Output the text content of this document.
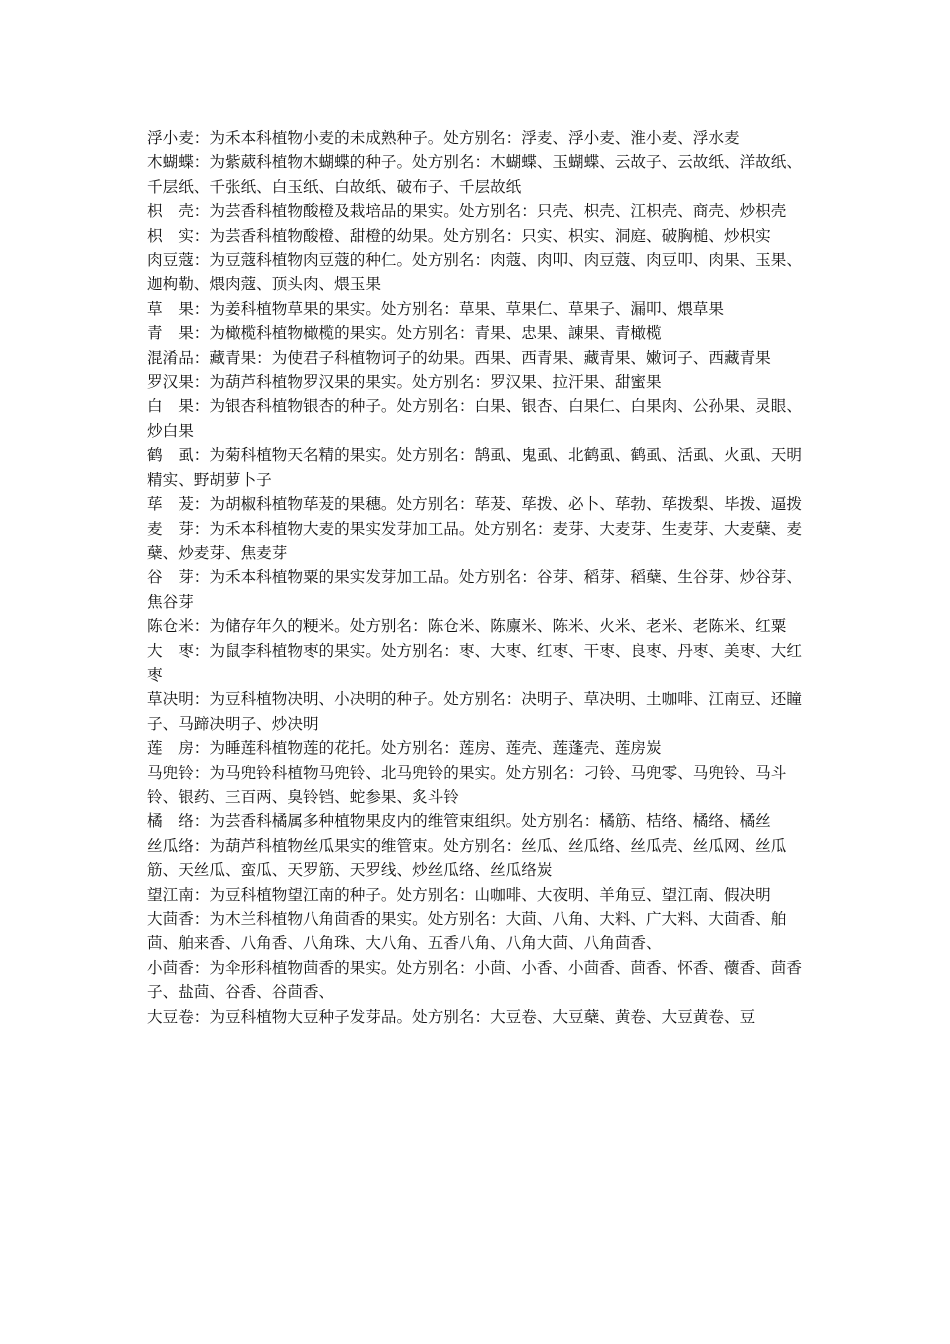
浮小麦：为禾本科植物小麦的未成熟种子。处方别名：浮麦、浮小麦、淮小麦、浮水麦

木蝴蝶：为紫葳科植物木蝴蝶的种子。处方别名：木蝴蝶、玉蝴蝶、云故子、云故纸、洋故纸、千层纸、千张纸、白玉纸、白故纸、破布子、千层故纸

枳　壳：为芸香科植物酸橙及栽培品的果实。处方别名：只壳、枳壳、江枳壳、商壳、炒枳壳

枳　实：为芸香科植物酸橙、甜橙的幼果。处方别名：只实、枳实、洞庭、破胸槌、炒枳实

肉豆蔻：为豆蔻科植物肉豆蔻的种仁。处方别名：肉蔻、肉叩、肉豆蔻、肉豆叩、肉果、玉果、迦枸勒、煨肉蔻、顶头肉、煨玉果

草　果：为姜科植物草果的果实。处方别名：草果、草果仁、草果子、漏叩、煨草果

青　果：为橄榄科植物橄榄的果实。处方别名：青果、忠果、諌果、青橄榄

混淆品：藏青果：为使君子科植物诃子的幼果。西果、西青果、藏青果、嫩诃子、西藏青果

罗汉果：为葫芦科植物罗汉果的果实。处方别名：罗汉果、拉汗果、甜蜜果

白　果：为银杏科植物银杏的种子。处方别名：白果、银杏、白果仁、白果肉、公孙果、灵眼、炒白果

鹤　虱：为菊科植物天名精的果实。处方别名：鹄虱、鬼虱、北鹤虱、鹤虱、活虱、火虱、天明精实、野胡萝卜子

荜　茇：为胡椒科植物荜茇的果穗。处方别名：荜茇、荜拨、必卜、荜勃、荜拨梨、毕拨、逼拨

麦　芽：为禾本科植物大麦的果实发芽加工品。处方别名：麦芽、大麦芽、生麦芽、大麦蘖、麦蘖、炒麦芽、焦麦芽

谷　芽：为禾本科植物粟的果实发芽加工品。处方别名：谷芽、稻芽、稻蘖、生谷芽、炒谷芽、焦谷芽

陈仓米：为储存年久的粳米。处方别名：陈仓米、陈廪米、陈米、火米、老米、老陈米、红粟

大　枣：为鼠李科植物枣的果实。处方别名：枣、大枣、红枣、干枣、良枣、丹枣、美枣、大红枣

草决明：为豆科植物决明、小决明的种子。处方别名：决明子、草决明、土咖啡、江南豆、还瞳子、马蹄决明子、炒决明

莲　房：为睡莲科植物莲的花托。处方别名：莲房、莲壳、莲蓬壳、莲房炭

马兜铃：为马兜铃科植物马兜铃、北马兜铃的果实。处方别名：刁铃、马兜零、马兜铃、马斗铃、银药、三百两、臭铃铛、蛇参果、炙斗铃

橘　络：为芸香科橘属多种植物果皮内的维管束组织。处方别名：橘筋、桔络、橘络、橘丝

丝瓜络：为葫芦科植物丝瓜果实的维管束。处方别名：丝瓜、丝瓜络、丝瓜壳、丝瓜网、丝瓜筋、天丝瓜、蛮瓜、天罗筋、天罗线、炒丝瓜络、丝瓜络炭

望江南：为豆科植物望江南的种子。处方别名：山咖啡、大夜明、羊角豆、望江南、假决明

大茴香：为木兰科植物八角茴香的果实。处方别名：大茴、八角、大料、广大料、大茴香、舶茴、舶来香、八角香、八角珠、大八角、五香八角、八角大茴、八角茴香、

小茴香：为伞形科植物茴香的果实。处方别名：小茴、小香、小茴香、茴香、怀香、蘹香、茴香子、盐茴、谷香、谷茴香、

大豆卷：为豆科植物大豆种子发芽品。处方别名：大豆卷、大豆蘖、黄卷、大豆黄卷、豆
